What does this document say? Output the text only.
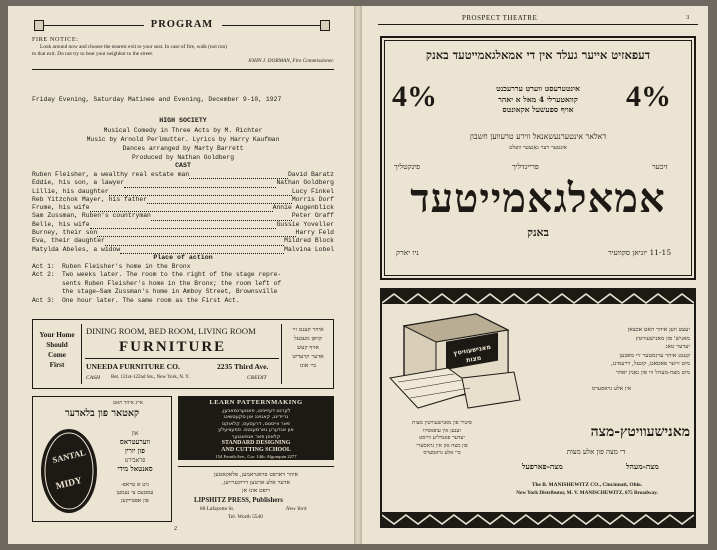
PROGRAM
FIRE NOTICE:
Look around now and choose the nearest exit to your seat. In case of fire, walk (not run)
to that exit. Do not try to beat your neighbor to the street.
JOHN J. DORMAN, Fire Commissioner.
Friday Evening, Saturday Matinee and Evening, December 9-10, 1927
HIGH SOCIETY
Musical Comedy in Three Acts by M. Richter
Music by Arnold Perlmutter. Lyrics by Harry Kaufman
Dances arranged by Marty Barrett
Produced by Nathan Goldberg
CAST
Ruben Fleisher, a wealthy real estate man	David Baratz
Eddie, his son, a lawyer	Nathan Goldberg
Lillie, his daughter	Lucy Finkel
Reb Yitzchok Mayer, his father	Morris Dorf
Frume, his wife	Annie Augenblick
Sam Zussman, Ruben's countryman	Peter Graff
Belle, his wife	Gussie Yoveller
Burney, their son	Harry Feld
Eva, their daughter	Mildred Block
Matylda Abeles, a widow	Malvina Lobel
Place of action
Act 1:	Ruben Fleisher's home in the Bronx
Act 2:	Two weeks later. The room to the right of the stage repre-
sents Ruben Fleisher's home in the Bronx; the room left of
the stage—Sam Zussman's home in Amboy Street, Brownsville
Act 3:	One hour later. The same room as the First Act.
Your Home
Should
Come
First
DINING ROOM, BED ROOM, LIVING ROOM
FURNITURE
UNEEDA FURNITURE CO.	2235 Third Ave.
CASH Bet. 121st-122nd Sts., New York, N. Y.	CREDIT
איהר קענט זיי
קויפן מעבעל
אויף קעש
אדער קרעדיט
ביי אונז
איינ איהר האט
קאטאר פון בלאדער
SANTAL
MIDY
און
ווערעטראס
פון יורין
פראבירט
סאנטאל מידי
גיט א טראפ-
עסטעס צי נעמען
פון אפטייקען
LEARN PATTERNMAKING
לערנט דעזיינינג, פאטערנמאכען,
גריידינג, קאטינג און סקעטשינג
פאר ווייסטס, דרעסעס, קלאוקס
און אנדערע גארמענטס. ספעציעלע
קלאסן פאר אנפאנגער
STANDARD DESIGNING
AND CUTTING SCHOOL
154 Fourth Ave., Cor. 14th. Algonquin 2277
איהר דארפט פראגראמען, פלאקאטען
אדער אלע ארטען דרוקערייען,
רופט אונז אן
LIPSHITZ PRESS, Publishers
80 Lafayette St.	New York
Tel. Worth 5540
2
PROSPECT THEATRE	3
דעפאזיט אייער געלד אין די אמאלגאמייטעד באנק
4%	אינטערעסט ווערט עררעכנט
קוואטערלי 4 מאל א יאהר
אויף ספעשעל אקאונטס	4%
דאלאר אינטערנעשאנאל ווירע טרעווען חשבון
אונטער דער גאַנצער וועלט
זיכער
פריינדליך
פינקטליך
אמאלגאמייטעד
באנק
11-15 יוניאן סקוועיר
ניו יארק
מאנישעוויטץ מצות
יעצט ווען איהר האט אכצאן
מאניש' פון מאנישעוויטץ
יעדער טאג
קענט איהר ערנסטער זיי מאכען
מיט זייער פאטאט, קוגעל, דרעסינג,
מיט מצה-מעהל ווי פון גאַנץ יאהר
אין אלע גראסערס
פיטיר פון מאנישעוויטץ מצות
זענען אין עופאסיוו
יעדער פאמיליע ווייסט
פון מצה און אין גראסערי
ביי אלע גראסערס
מאנישעוויטץ-מצה
די מצה פון אלע מצות
מצה-מעהל
מצה-פארפעל
The B. MANISHEWITZ CO., Cincinnati, Ohio.
New York Distributor, M. V. MANISCHEWITZ, 675 Broadway.
